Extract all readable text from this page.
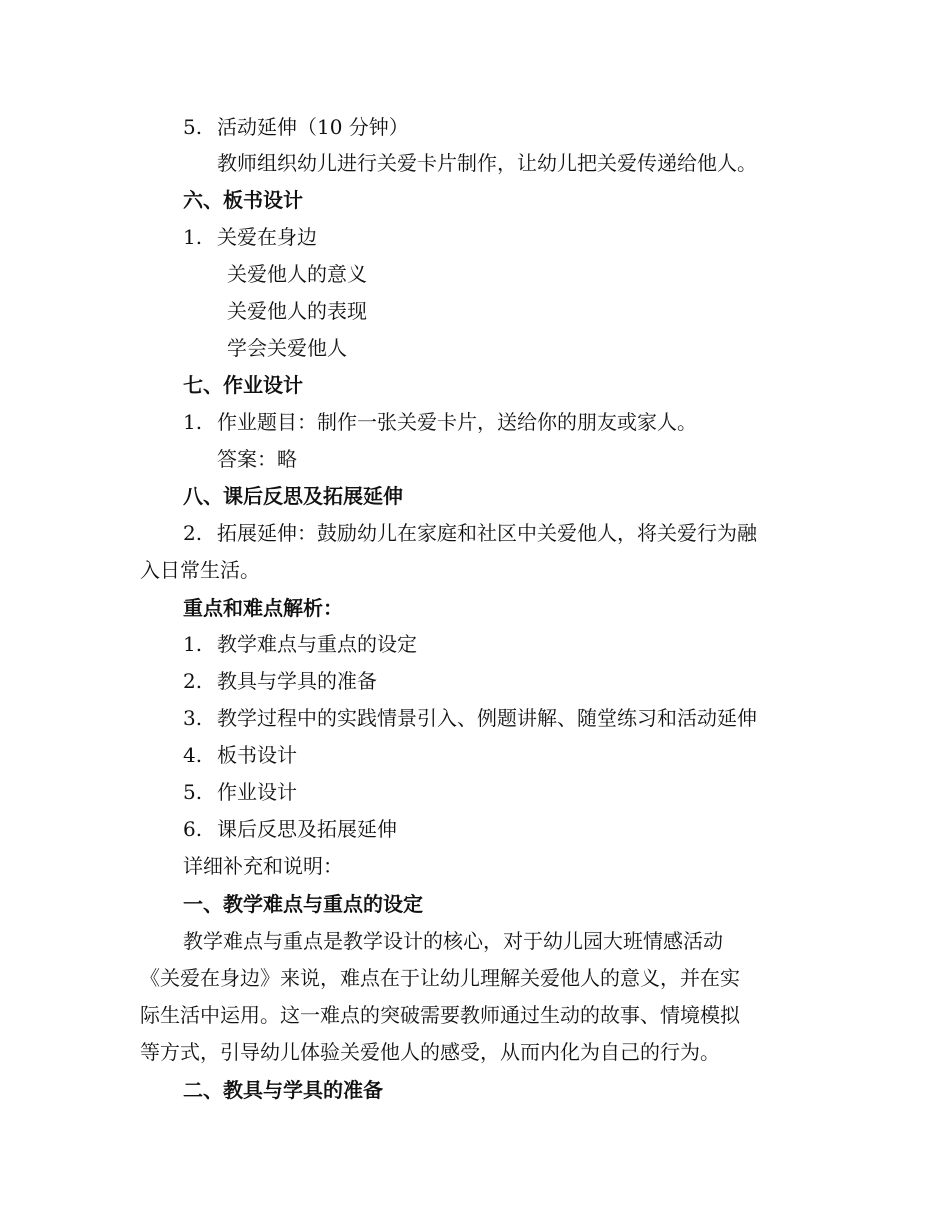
5. 活动延伸（10 分钟）
教师组织幼儿进行关爱卡片制作，让幼儿把关爱传递给他人。
六、板书设计
1. 关爱在身边
关爱他人的意义
关爱他人的表现
学会关爱他人
七、作业设计
1. 作业题目：制作一张关爱卡片，送给你的朋友或家人。
答案：略
八、课后反思及拓展延伸
2. 拓展延伸：鼓励幼儿在家庭和社区中关爱他人，将关爱行为融
入日常生活。
重点和难点解析：
1. 教学难点与重点的设定
2. 教具与学具的准备
3. 教学过程中的实践情景引入、例题讲解、随堂练习和活动延伸
4. 板书设计
5. 作业设计
6. 课后反思及拓展延伸
详细补充和说明：
一、教学难点与重点的设定
教学难点与重点是教学设计的核心，对于幼儿园大班情感活动
《关爱在身边》来说，难点在于让幼儿理解关爱他人的意义，并在实
际生活中运用。这一难点的突破需要教师通过生动的故事、情境模拟
等方式，引导幼儿体验关爱他人的感受，从而内化为自己的行为。
二、教具与学具的准备
